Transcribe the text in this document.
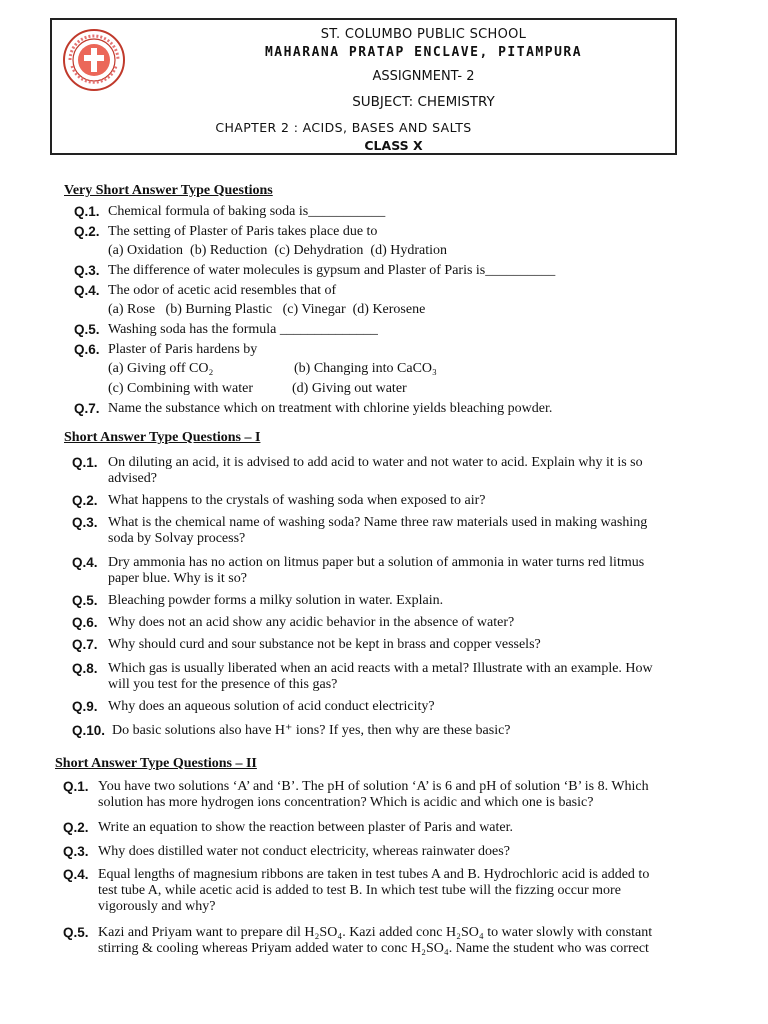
ST. COLUMBO PUBLIC SCHOOL
MAHARANA PRATAP ENCLAVE, PITAMPURA
ASSIGNMENT- 2
SUBJECT: CHEMISTRY
CHAPTER 2 : ACIDS, BASES AND SALTS
CLASS X
Very Short Answer Type Questions
Q.1. Chemical formula of baking soda is___________
Q.2. The setting of Plaster of Paris takes place due to
(a) Oxidation  (b) Reduction  (c) Dehydration  (d) Hydration
Q.3. The difference of water molecules is gypsum and Plaster of Paris is__________
Q.4. The odor of acetic acid resembles that of
(a) Rose   (b) Burning Plastic   (c) Vinegar  (d) Kerosene
Q.5. Washing soda has the formula ______________
Q.6. Plaster of Paris hardens by
(a) Giving off CO₂	(b) Changing into CaCO₃
(c) Combining with water	(d) Giving out water
Q.7. Name the substance which on treatment with chlorine yields bleaching powder.
Short Answer Type Questions – I
Q.1. On diluting an acid, it is advised to add acid to water and not water to acid. Explain why it is so
advised?
Q.2. What happens to the crystals of washing soda when exposed to air?
Q.3. What is the chemical name of washing soda? Name three raw materials used in making washing
soda by Solvay process?
Q.4. Dry ammonia has no action on litmus paper but a solution of ammonia in water turns red litmus
paper blue. Why is it so?
Q.5. Bleaching powder forms a milky solution in water. Explain.
Q.6. Why does not an acid show any acidic behavior in the absence of water?
Q.7. Why should curd and sour substance not be kept in brass and copper vessels?
Q.8. Which gas is usually liberated when an acid reacts with a metal? Illustrate with an example. How
will you test for the presence of this gas?
Q.9. Why does an aqueous solution of acid conduct electricity?
Q.10. Do basic solutions also have H⁺ ions? If yes, then why are these basic?
Short Answer Type Questions – II
Q.1. You have two solutions ‘A’ and ‘B’. The pH of solution ‘A’ is 6 and pH of solution ‘B’ is 8. Which
solution has more hydrogen ions concentration? Which is acidic and which one is basic?
Q.2. Write an equation to show the reaction between plaster of Paris and water.
Q.3. Why does distilled water not conduct electricity, whereas rainwater does?
Q.4. Equal lengths of magnesium ribbons are taken in test tubes A and B. Hydrochloric acid is added to
test tube A, while acetic acid is added to test B. In which test tube will the fizzing occur more
vigorously and why?
Q.5. Kazi and Priyam want to prepare dil H₂SO₄. Kazi added conc H₂SO₄ to water slowly with constant
stirring & cooling whereas Priyam added water to conc H₂SO₄. Name the student who was correct
